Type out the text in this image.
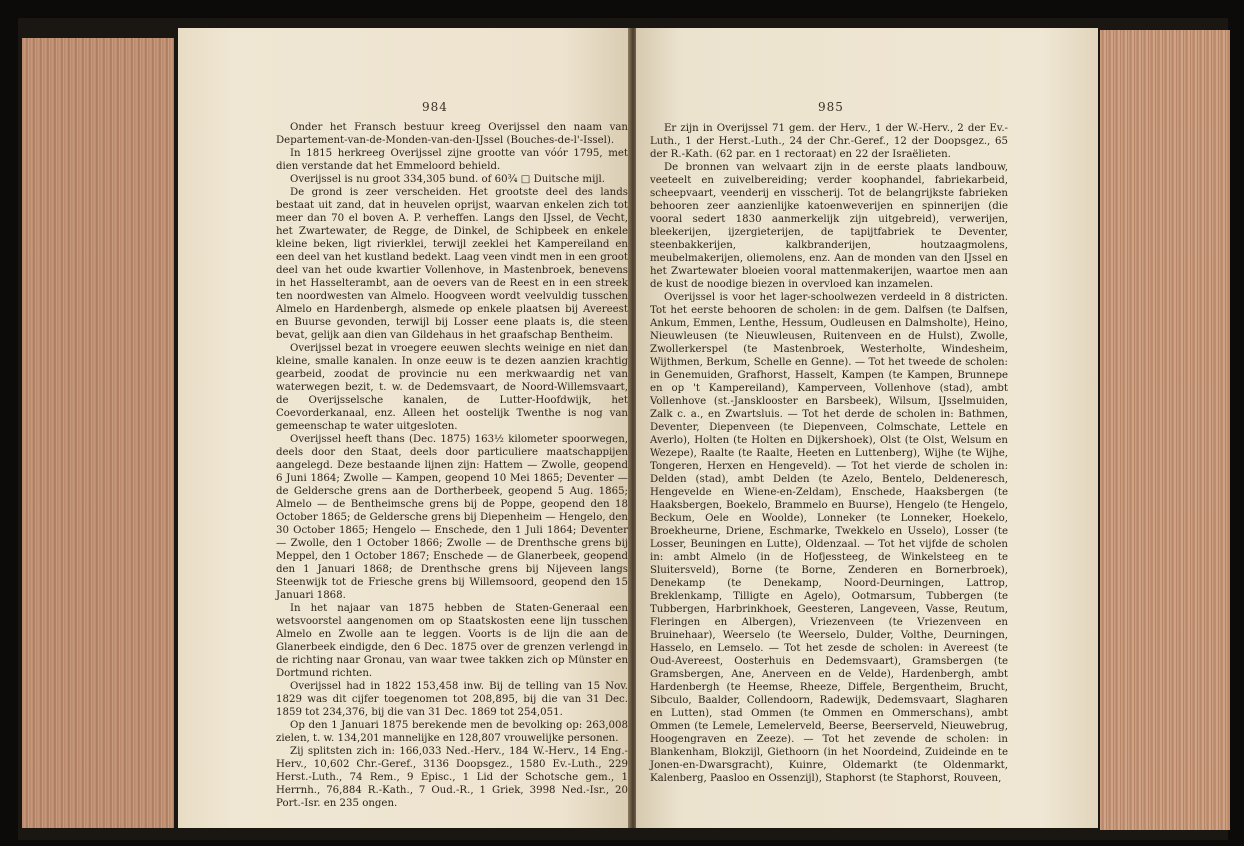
984

Onder het Fransch bestuur kreeg Overijssel den naam van Departement-van-de-Monden-van-den-IJssel (Bouches-de-l'-Issel).

In 1815 herkreeg Overijssel zijne grootte van vóór 1795, met dien verstande dat het Emmeloord behield.

Overijssel is nu groot 334,305 bund. of 60¾ □ Duitsche mijl.

De grond is zeer verscheiden. Het grootste deel des lands bestaat uit zand, dat in heuvelen oprijst, waarvan enkelen zich tot meer dan 70 el boven A. P. verheffen. Langs den IJssel, de Vecht, het Zwartewater, de Regge, de Dinkel, de Schipbeek en enkele kleine beken, ligt rivierklei, terwijl zeeklei het Kampereiland en een deel van het kustland bedekt. Laag veen vindt men in een groot deel van het oude kwartier Vollenhove, in Mastenbroek, benevens in het Hasselterambt, aan de oevers van de Reest en in een streek ten noordwesten van Almelo. Hoogveen wordt veelvuldig tusschen Almelo en Hardenbergh, alsmede op enkele plaatsen bij Avereest en Buurse gevonden, terwijl bij Losser eene plaats is, die steen bevat, gelijk aan dien van Gildehaus in het graafschap Bentheim.

Overijssel bezat in vroegere eeuwen slechts weinige en niet dan kleine, smalle kanalen. In onze eeuw is te dezen aanzien krachtig gearbeid, zoodat de provincie nu een merkwaardig net van waterwegen bezit, t. w. de Dedemsvaart, de Noord-Willemsvaart, de Overijsselsche kanalen, de Lutter-Hoofdwijk, het Coevorderkanaal, enz. Alleen het oostelijk Twenthe is nog van gemeenschap te water uitgesloten.

Overijssel heeft thans (Dec. 1875) 163½ kilometer spoorwegen, deels door den Staat, deels door particuliere maatschappijen aangelegd. Deze bestaande lijnen zijn: Hattem — Zwolle, geopend 6 Juni 1864; Zwolle — Kampen, geopend 10 Mei 1865; Deventer — de Geldersche grens aan de Dortherbeek, geopend 5 Aug. 1865; Almelo — de Bentheimsche grens bij de Poppe, geopend den 18 October 1865; de Geldersche grens bij Diepenheim — Hengelo, den 30 October 1865; Hengelo — Enschede, den 1 Juli 1864; Deventer — Zwolle, den 1 October 1866; Zwolle — de Drenthsche grens bij Meppel, den 1 October 1867; Enschede — de Glanerbeek, geopend den 1 Januari 1868; de Drenthsche grens bij Nijeveen langs Steenwijk tot de Friesche grens bij Willemsoord, geopend den 15 Januari 1868.

In het najaar van 1875 hebben de Staten-Generaal een wetsvoorstel aangenomen om op Staatskosten eene lijn tusschen Almelo en Zwolle aan te leggen. Voorts is de lijn die aan de Glanerbeek eindigde, den 6 Dec. 1875 over de grenzen verlengd in de richting naar Gronau, van waar twee takken zich op Münster en Dortmund richten.

Overijssel had in 1822 153,458 inw. Bij de telling van 15 Nov. 1829 was dit cijfer toegenomen tot 208,895, bij die van 31 Dec. 1859 tot 234,376, bij die van 31 Dec. 1869 tot 254,051.

Op den 1 Januari 1875 berekende men de bevolking op: 263,008 zielen, t. w. 134,201 mannelijke en 128,807 vrouwelijke personen.

Zij splitsten zich in: 166,033 Ned.-Herv., 184 W.-Herv., 14 Eng.-Herv., 10,602 Chr.-Geref., 3136 Doopsgez., 1580 Ev.-Luth., 229 Herst.-Luth., 74 Rem., 9 Episc., 1 Lid der Schotsche gem., 1 Herrnh., 76,884 R.-Kath., 7 Oud.-R., 1 Griek, 3998 Ned.-Isr., 20 Port.-Isr. en 235 ongen.

985

Er zijn in Overijssel 71 gem. der Herv., 1 der W.-Herv., 2 der Ev.-Luth., 1 der Herst.-Luth., 24 der Chr.-Geref., 12 der Doopsgez., 65 der R.-Kath. (62 par. en 1 rectoraat) en 22 der Israëlieten.

De bronnen van welvaart zijn in de eerste plaats landbouw, veeteelt en zuivelbereiding; verder koophandel, fabriekarbeid, scheepvaart, veenderij en visscherij. Tot de belangrijkste fabrieken behooren zeer aanzienlijke katoenweverijen en spinnerijen (die vooral sedert 1830 aanmerkelijk zijn uitgebreid), verwerijen, bleekerijen, ijzergieterijen, de tapijtfabriek te Deventer, steenbakkerijen, kalkbranderijen, houtzaagmolens, meubelmakerijen, oliemolens, enz. Aan de monden van den IJssel en het Zwartewater bloeien vooral mattenmakerijen, waartoe men aan de kust de noodige biezen in overvloed kan inzamelen.

Overijssel is voor het lager-schoolwezen verdeeld in 8 districten. Tot het eerste behooren de scholen: in de gem. Dalfsen (te Dalfsen, Ankum, Emmen, Lenthe, Hessum, Oudleusen en Dalmsholte), Heino, Nieuwleusen (te Nieuwleusen, Ruitenveen en de Hulst), Zwolle, Zwollerkerspel (te Mastenbroek, Westerholte, Windesheim, Wijthmen, Berkum, Schelle en Genne). — Tot het tweede de scholen: in Genemuiden, Grafhorst, Hasselt, Kampen (te Kampen, Brunnepe en op 't Kampereiland), Kamperveen, Vollenhove (stad), ambt Vollenhove (st.-Jansklooster en Barsbeek), Wilsum, IJsselmuiden, Zalk c. a., en Zwartsluis. — Tot het derde de scholen in: Bathmen, Deventer, Diepenveen (te Diepenveen, Colmschate, Lettele en Averlo), Holten (te Holten en Dijkershoek), Olst (te Olst, Welsum en Wezepe), Raalte (te Raalte, Heeten en Luttenberg), Wijhe (te Wijhe, Tongeren, Herxen en Hengeveld). — Tot het vierde de scholen in: Delden (stad), ambt Delden (te Azelo, Bentelo, Deldeneresch, Hengevelde en Wiene-en-Zeldam), Enschede, Haaksbergen (te Haaksbergen, Boekelo, Brammelo en Buurse), Hengelo (te Hengelo, Beckum, Oele en Woolde), Lonneker (te Lonneker, Hoekelo, Broekheurne, Driene, Eschmarke, Twekkelo en Usselo), Losser (te Losser, Beuningen en Lutte), Oldenzaal. — Tot het vijfde de scholen in: ambt Almelo (in de Hofjessteeg, de Winkelsteeg en te Sluitersveld), Borne (te Borne, Zenderen en Bornerbroek), Denekamp (te Denekamp, Noord-Deurningen, Lattrop, Breklenkamp, Tilligte en Agelo), Ootmarsum, Tubbergen (te Tubbergen, Harbrinkhoek, Geesteren, Langeveen, Vasse, Reutum, Fleringen en Albergen), Vriezenveen (te Vriezenveen en Bruinehaar), Weerselo (te Weerselo, Dulder, Volthe, Deurningen, Hasselo, en Lemselo. — Tot het zesde de scholen: in Avereest (te Oud-Avereest, Oosterhuis en Dedemsvaart), Gramsbergen (te Gramsbergen, Ane, Anerveen en de Velde), Hardenbergh, ambt Hardenbergh (te Heemse, Rheeze, Diffele, Bergentheim, Brucht, Sibculo, Baalder, Collendoorn, Radewijk, Dedemsvaart, Slagharen en Lutten), stad Ommen (te Ommen en Ommerschans), ambt Ommen (te Lemele, Lemelerveld, Beerse, Beerserveld, Nieuwebrug, Hoogengraven en Zeeze). — Tot het zevende de scholen: in Blankenham, Blokzijl, Giethoorn (in het Noordeind, Zuideinde en te Jonen-en-Dwarsgracht), Kuinre, Oldemarkt (te Oldenmarkt, Kalenberg, Paasloo en Ossenzijl), Staphorst (te Staphorst, Rouveen,
